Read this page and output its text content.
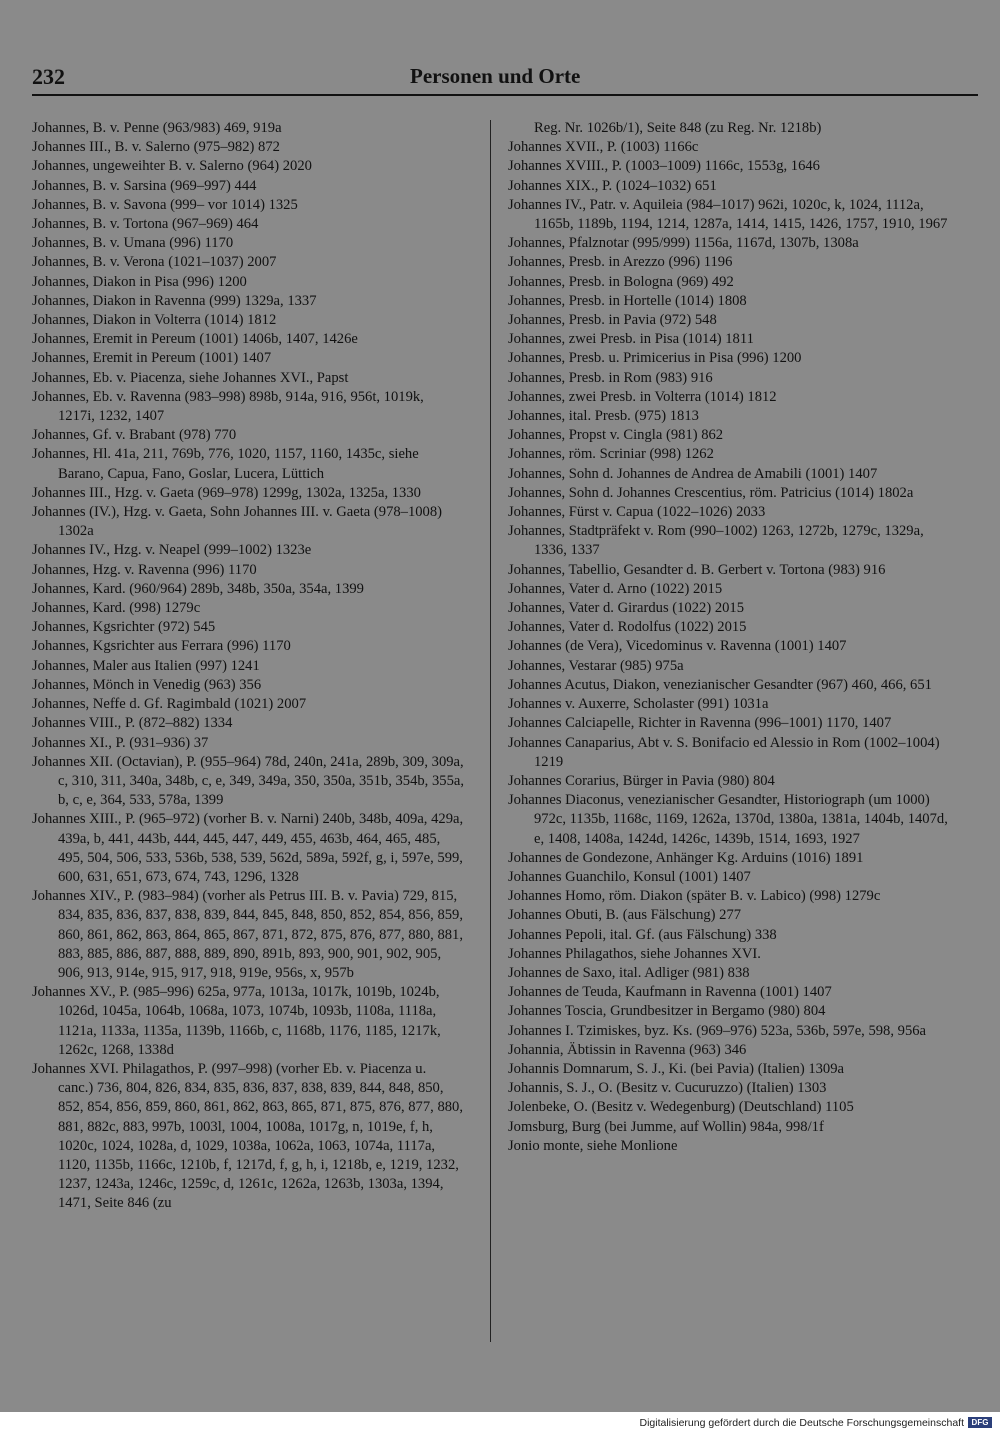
232	Personen und Orte
Johannes, B. v. Penne (963/983) 469, 919a
Johannes III., B. v. Salerno (975–982) 872
Johannes, ungeweihter B. v. Salerno (964) 2020
Johannes, B. v. Sarsina (969–997) 444
Johannes, B. v. Savona (999– vor 1014) 1325
Johannes, B. v. Tortona (967–969) 464
Johannes, B. v. Umana (996) 1170
Johannes, B. v. Verona (1021–1037) 2007
Johannes, Diakon in Pisa (996) 1200
Johannes, Diakon in Ravenna (999) 1329a, 1337
Johannes, Diakon in Volterra (1014) 1812
Johannes, Eremit in Pereum (1001) 1406b, 1407, 1426e
Johannes, Eremit in Pereum (1001) 1407
Johannes, Eb. v. Piacenza, siehe Johannes XVI., Papst
Johannes, Eb. v. Ravenna (983–998) 898b, 914a, 916, 956t, 1019k, 1217i, 1232, 1407
Johannes, Gf. v. Brabant (978) 770
Johannes, Hl. 41a, 211, 769b, 776, 1020, 1157, 1160, 1435c, siehe Barano, Capua, Fano, Goslar, Lucera, Lüttich
Johannes III., Hzg. v. Gaeta (969–978) 1299g, 1302a, 1325a, 1330
Johannes (IV.), Hzg. v. Gaeta, Sohn Johannes III. v. Gaeta (978–1008) 1302a
Johannes IV., Hzg. v. Neapel (999–1002) 1323e
Johannes, Hzg. v. Ravenna (996) 1170
Johannes, Kard. (960/964) 289b, 348b, 350a, 354a, 1399
Johannes, Kard. (998) 1279c
Johannes, Kgsrichter (972) 545
Johannes, Kgsrichter aus Ferrara (996) 1170
Johannes, Maler aus Italien (997) 1241
Johannes, Mönch in Venedig (963) 356
Johannes, Neffe d. Gf. Ragimbald (1021) 2007
Johannes VIII., P. (872–882) 1334
Johannes XI., P. (931–936) 37
Johannes XII. (Octavian), P. (955–964) 78d, 240n, 241a, 289b, 309, 309a, c, 310, 311, 340a, 348b, c, e, 349, 349a, 350, 350a, 351b, 354b, 355a, b, c, e, 364, 533, 578a, 1399
Johannes XIII., P. (965–972) (vorher B. v. Narni) 240b, 348b, 409a, 429a, 439a, b, 441, 443b, 444, 445, 447, 449, 455, 463b, 464, 465, 485, 495, 504, 506, 533, 536b, 538, 539, 562d, 589a, 592f, g, i, 597e, 599, 600, 631, 651, 673, 674, 743, 1296, 1328
Johannes XIV., P. (983–984) (vorher als Petrus III. B. v. Pavia) 729, 815, 834, 835, 836, 837, 838, 839, 844, 845, 848, 850, 852, 854, 856, 859, 860, 861, 862, 863, 864, 865, 867, 871, 872, 875, 876, 877, 880, 881, 883, 885, 886, 887, 888, 889, 890, 891b, 893, 900, 901, 902, 905, 906, 913, 914e, 915, 917, 918, 919e, 956s, x, 957b
Johannes XV., P. (985–996) 625a, 977a, 1013a, 1017k, 1019b, 1024b, 1026d, 1045a, 1064b, 1068a, 1073, 1074b, 1093b, 1108a, 1118a, 1121a, 1133a, 1135a, 1139b, 1166b, c, 1168b, 1176, 1185, 1217k, 1262c, 1268, 1338d
Johannes XVI. Philagathos, P. (997–998) (vorher Eb. v. Piacenza u. canc.) 736, 804, 826, 834, 835, 836, 837, 838, 839, 844, 848, 850, 852, 854, 856, 859, 860, 861, 862, 863, 865, 871, 875, 876, 877, 880, 881, 882c, 883, 997b, 1003l, 1004, 1008a, 1017g, n, 1019e, f, h, 1020c, 1024, 1028a, d, 1029, 1038a, 1062a, 1063, 1074a, 1117a, 1120, 1135b, 1166c, 1210b, f, 1217d, f, g, h, i, 1218b, e, 1219, 1232, 1237, 1243a, 1246c, 1259c, d, 1261c, 1262a, 1263b, 1303a, 1394, 1471, Seite 846 (zu
Reg. Nr. 1026b/1), Seite 848 (zu Reg. Nr. 1218b)
Johannes XVII., P. (1003) 1166c
Johannes XVIII., P. (1003–1009) 1166c, 1553g, 1646
Johannes XIX., P. (1024–1032) 651
Johannes IV., Patr. v. Aquileia (984–1017) 962i, 1020c, k, 1024, 1112a, 1165b, 1189b, 1194, 1214, 1287a, 1414, 1415, 1426, 1757, 1910, 1967
Johannes, Pfalznotar (995/999) 1156a, 1167d, 1307b, 1308a
Johannes, Presb. in Arezzo (996) 1196
Johannes, Presb. in Bologna (969) 492
Johannes, Presb. in Hortelle (1014) 1808
Johannes, Presb. in Pavia (972) 548
Johannes, zwei Presb. in Pisa (1014) 1811
Johannes, Presb. u. Primicerius in Pisa (996) 1200
Johannes, Presb. in Rom (983) 916
Johannes, zwei Presb. in Volterra (1014) 1812
Johannes, ital. Presb. (975) 1813
Johannes, Propst v. Cingla (981) 862
Johannes, röm. Scriniar (998) 1262
Johannes, Sohn d. Johannes de Andrea de Amabili (1001) 1407
Johannes, Sohn d. Johannes Crescentius, röm. Patricius (1014) 1802a
Johannes, Fürst v. Capua (1022–1026) 2033
Johannes, Stadtpräfekt v. Rom (990–1002) 1263, 1272b, 1279c, 1329a, 1336, 1337
Johannes, Tabellio, Gesandter d. B. Gerbert v. Tortona (983) 916
Johannes, Vater d. Arno (1022) 2015
Johannes, Vater d. Girardus (1022) 2015
Johannes, Vater d. Rodolfus (1022) 2015
Johannes (de Vera), Vicedominus v. Ravenna (1001) 1407
Johannes, Vestarar (985) 975a
Johannes Acutus, Diakon, venezianischer Gesandter (967) 460, 466, 651
Johannes v. Auxerre, Scholaster (991) 1031a
Johannes Calciapelle, Richter in Ravenna (996–1001) 1170, 1407
Johannes Canaparius, Abt v. S. Bonifacio ed Alessio in Rom (1002–1004) 1219
Johannes Corarius, Bürger in Pavia (980) 804
Johannes Diaconus, venezianischer Gesandter, Historiograph (um 1000) 972c, 1135b, 1168c, 1169, 1262a, 1370d, 1380a, 1381a, 1404b, 1407d, e, 1408, 1408a, 1424d, 1426c, 1439b, 1514, 1693, 1927
Johannes de Gondezone, Anhänger Kg. Arduins (1016) 1891
Johannes Guanchilo, Konsul (1001) 1407
Johannes Homo, röm. Diakon (später B. v. Labico) (998) 1279c
Johannes Obuti, B. (aus Fälschung) 277
Johannes Pepoli, ital. Gf. (aus Fälschung) 338
Johannes Philagathos, siehe Johannes XVI.
Johannes de Saxo, ital. Adliger (981) 838
Johannes de Teuda, Kaufmann in Ravenna (1001) 1407
Johannes Toscia, Grundbesitzer in Bergamo (980) 804
Johannes I. Tzimiskes, byz. Ks. (969–976) 523a, 536b, 597e, 598, 956a
Johannia, Äbtissin in Ravenna (963) 346
Johannis Domnarum, S. J., Ki. (bei Pavia) (Italien) 1309a
Johannis, S. J., O. (Besitz v. Cucuruzzo) (Italien) 1303
Jolenbeke, O. (Besitz v. Wedegenburg) (Deutschland) 1105
Jomsburg, Burg (bei Jumme, auf Wollin) 984a, 998/1f
Jonio monte, siehe Monlione
Digitalisierung gefördert durch die Deutsche Forschungsgemeinschaft DFG
